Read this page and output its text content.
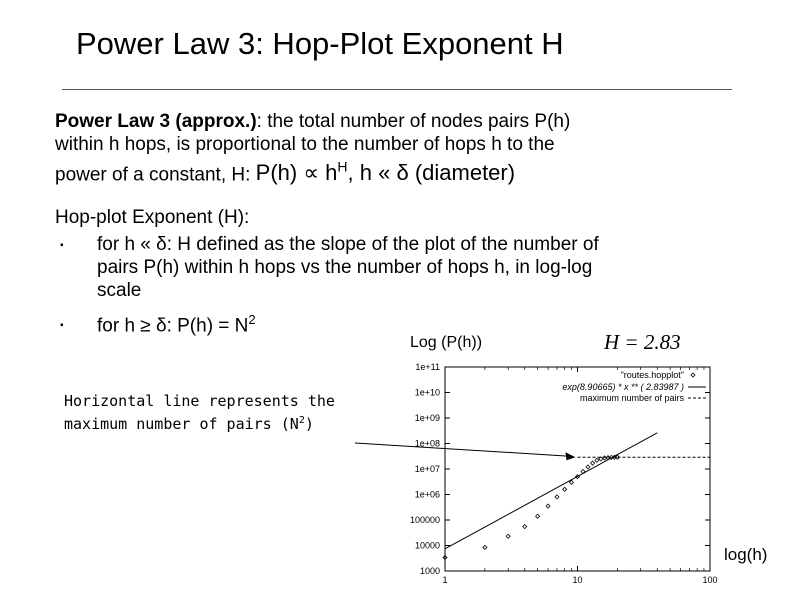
Power Law 3: Hop-Plot Exponent H
Power Law 3 (approx.): the total number of nodes pairs P(h)
within h hops, is proportional to the number of hops h to the
power of a constant, H: $P(h) \propto h^H$, h « δ (diameter)
Hop-plot Exponent (H):
▪ for h « δ: H defined as the slope of the plot of the number of
pairs P(h) within h hops vs the number of hops h, in log-log
scale
▪ for h ≥ δ: $P(h) = N^2$
Log (P(h))	H = 2.83
Horizontal line represents the
maximum number of pairs $(N^2)$
log(h)
1000
10000
100000
1e+06
1e+07
1e+08
1e+09
1e+10
1e+11
1	10	100
"routes.hopplot"
exp(8.90665) * x ** ( 2.83987 )
maximum number of pairs
